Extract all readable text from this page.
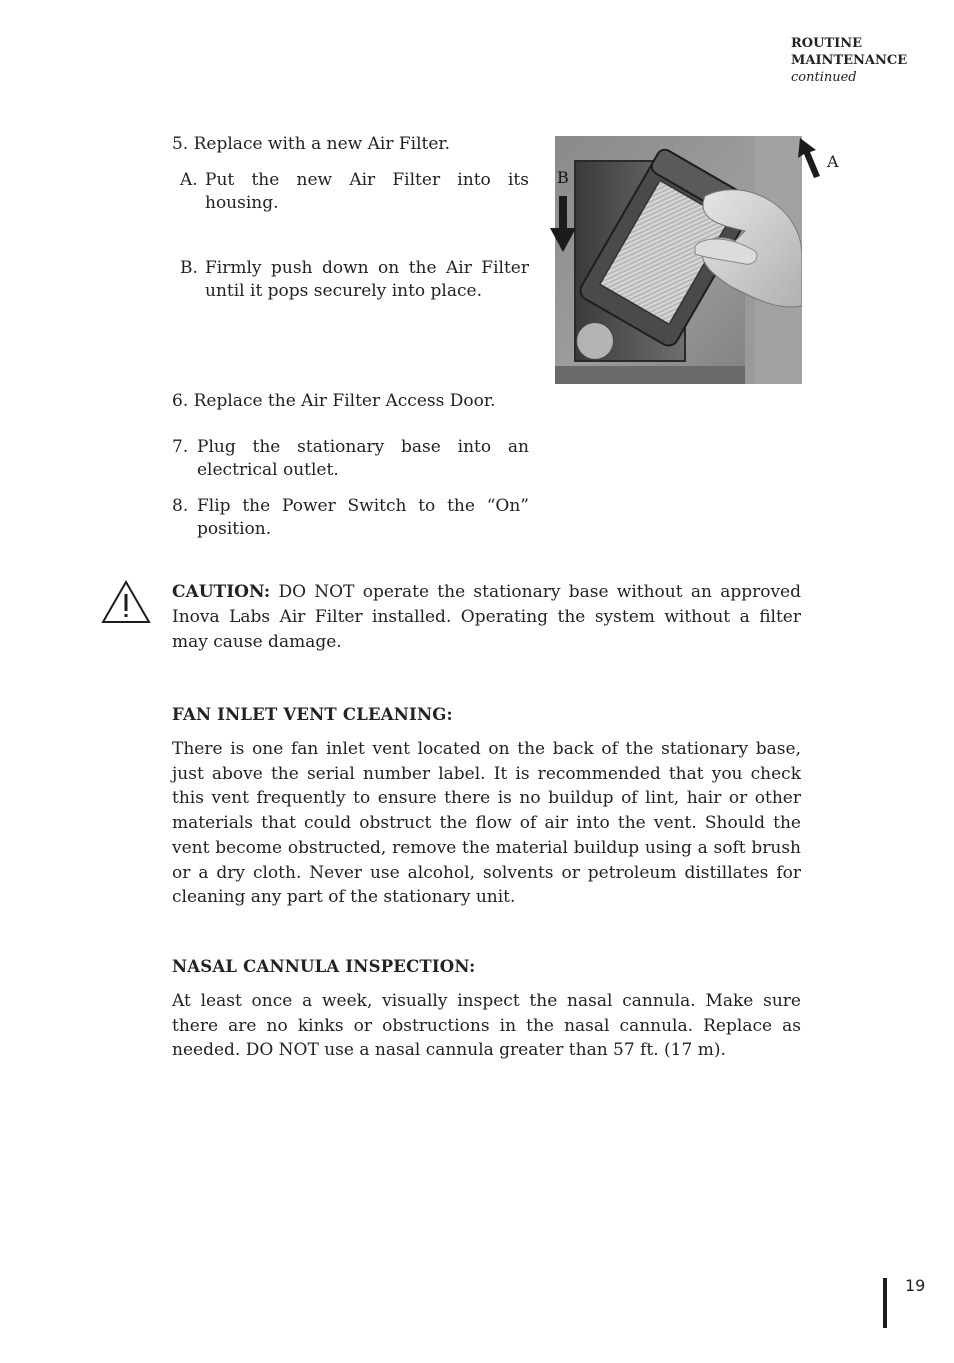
ROUTINE
MAINTENANCE
continued
5. Replace with a new Air Filter.
A. Put the new Air Filter into its housing.
B. Firmly push down on the Air Filter until it pops securely into place.
A
B
6. Replace the Air Filter Access Door.
7. Plug the stationary base into an electrical outlet.
8. Flip the Power Switch to the “On” position.
CAUTION: DO NOT operate the stationary base without an approved Inova Labs Air Filter installed. Operating the system without a filter may cause damage.
FAN INLET VENT CLEANING:
There is one fan inlet vent located on the back of the stationary base, just above the serial number label. It is recommended that you check this vent frequently to ensure there is no buildup of lint, hair or other materials that could obstruct the flow of air into the vent. Should the vent become obstructed, remove the material buildup using a soft brush or a dry cloth. Never use alcohol, solvents or petroleum distillates for cleaning any part of the stationary unit.
NASAL CANNULA INSPECTION:
At least once a week, visually inspect the nasal cannula. Make sure there are no kinks or obstructions in the nasal cannula. Replace as needed. DO NOT use a nasal cannula greater than 57 ft. (17 m).
19
